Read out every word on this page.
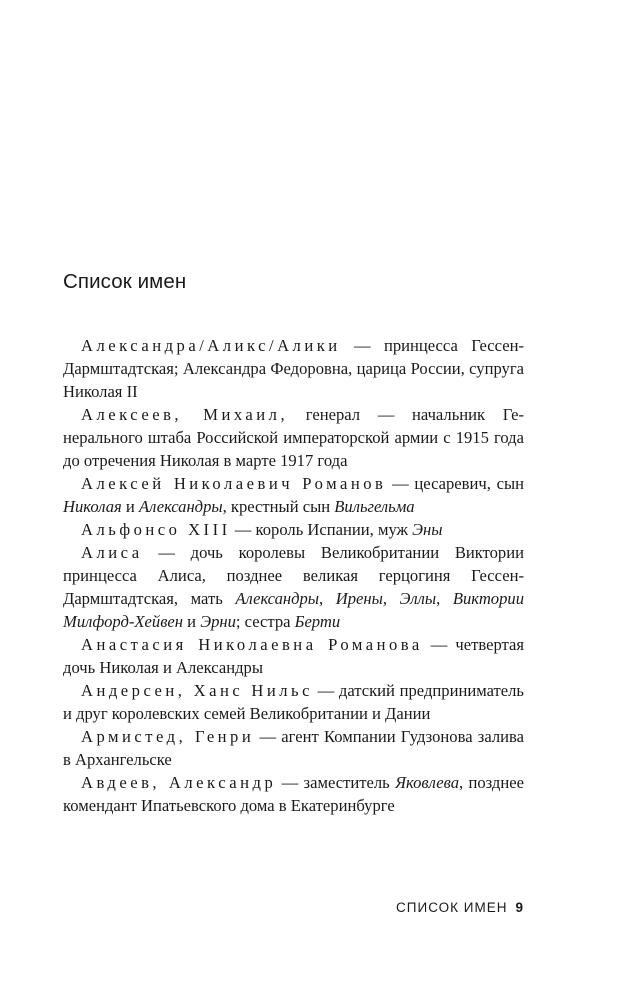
Список имен

Александра/Аликс/Алики — принцесса Гессен-Дармштадтская; Александра Федоровна, царица России, супруга Николая II

Алексеев, Михаил, генерал — начальник Генерального штаба Российской императорской армии с 1915 года до отречения Николая в марте 1917 года

Алексей Николаевич Романов — цесаревич, сын Николая и Александры, крестный сын Вильгельма

Альфонсо XIII — король Испании, муж Эны

Алиса — дочь королевы Великобритании Виктории принцесса Алиса, позднее великая герцогиня Гессен-Дармштадтская, мать Александры, Ирены, Эллы, Виктории Милфорд-Хейвен и Эрни; сестра Берти

Анастасия Николаевна Романова — четвертая дочь Николая и Александры

Андерсен, Ханс Нильс — датский предприниматель и друг королевских семей Великобритании и Дании

Армистед, Генри — агент Компании Гудзонова залива в Архангельске

Авдеев, Александр — заместитель Яковлева, позднее комендант Ипатьевского дома в Екатеринбурге

СПИСОК ИМЕН 9
